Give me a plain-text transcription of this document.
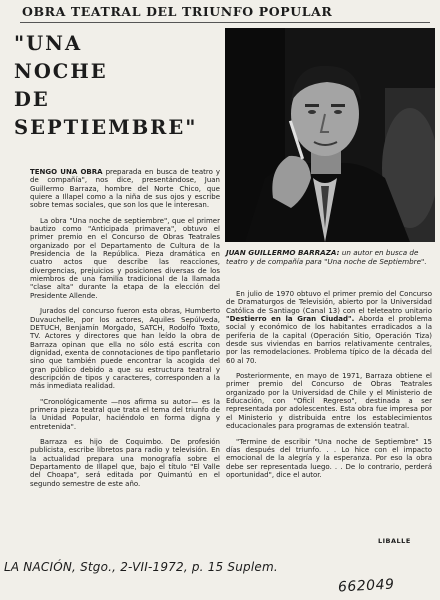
OBRA TEATRAL DEL TRIUNFO POPULAR
"UNA
NOCHE
DE
SEPTIEMBRE"
JUAN GUILLERMO BARRAZA: un autor en busca de teatro y de compañía para "Una noche de Septiembre".

TENGO UNA OBRA preparada en busca de teatro y de compañía", nos dice, presentándose, Juan Guillermo Barraza, hombre del Norte Chico, que quiere a Illapel como a la niña de sus ojos y escribe sobre temas sociales, que son los que le interesan.

La obra "Una noche de septiembre", que el primer bautizo como "Anticipada primavera", obtuvo el primer premio en el Concurso de Obras Teatrales organizado por el Departamento de Cultura de la Presidencia de la República. Pieza dramática en cuatro actos que describe las reacciones, divergencias, prejuicios y posiciones diversas de los miembros de una familia tradicional de la llamada "clase alta" durante la etapa de la elección del Presidente Allende.

Jurados del concurso fueron esta obras, Humberto Duvauchelle, por los actores, Aquiles Sepúlveda, DETUCH, Benjamín Morgado, SATCH, Rodolfo Toxto, TV. Actores y directores que han leído la obra de Barraza opinan que ella no sólo está escrita con dignidad, exenta de connotaciones de tipo panfletario sino que también puede encontrar la acogida del gran público debido a que su estructura teatral y descripción de tipos y caracteres, corresponden a la más inmediata realidad.

"Cronológicamente —nos afirma su autor— es la primera pieza teatral que trata el tema del triunfo de la Unidad Popular, haciéndolo en forma digna y entretenida".

Barraza es hijo de Coquimbo. De profesión publicista, escribe libretos para radio y televisión. En la actualidad prepara una monografía sobre el Departamento de Illapel que, bajo el título "El Valle del Choapa", será editada por Quimantú en el segundo semestre de este año.

En julio de 1970 obtuvo el primer premio del Concurso de Dramaturgos de Televisión, abierto por la Universidad Católica de Santiago (Canal 13) con el teleteatro unitario "Destierro en la Gran Ciudad". Aborda el problema social y económico de los habitantes erradicados a la periferia de la capital (Operación Sitio, Operación Tiza) desde sus viviendas en barrios relativamente centrales, por las remodelaciones. Problema típico de la década del 60 al 70.

Posteriormente, en mayo de 1971, Barraza obtiene el primer premio del Concurso de Obras Teatrales organizado por la Universidad de Chile y el Ministerio de Educación, con "Oficil Regreso", destinada a ser representada por adolescentes. Esta obra fue impresa por el Ministerio y distribuida entre los establecimientos educacionales para programas de extensión teatral.

"Termine de escribir "Una noche de Septiembre" 15 días después del triunfo. . . Lo hice con el impacto emocional de la alegría y la esperanza. Por eso la obra debe ser representada luego. . . De lo contrario, perderá oportunidad", dice el autor.

LIBALLE
LA NACIÓN, Stgo., 2-VII-1972, p. 15 Suplem.
662049
